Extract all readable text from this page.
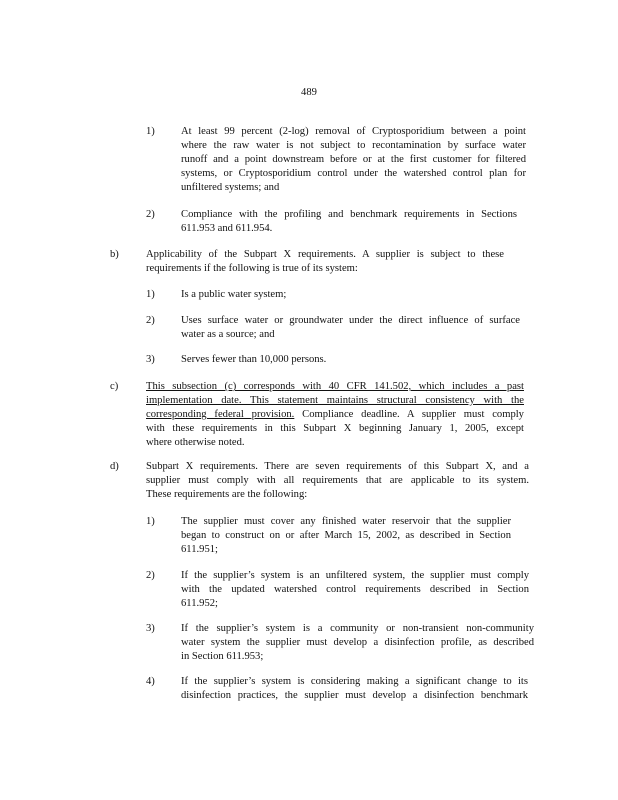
489
1) At least 99 percent (2-log) removal of Cryptosporidium between a point
where the raw water is not subject to recontamination by surface water
runoff and a point downstream before or at the first customer for filtered
systems, or Cryptosporidium control under the watershed control plan for
unfiltered systems; and
2) Compliance with the profiling and benchmark requirements in Sections
611.953 and 611.954.
b)	Applicability of the Subpart X requirements. A supplier is subject to these
requirements if the following is true of its system:
1) Is a public water system;
2) Uses surface water or groundwater under the direct influence of surface
water as a source; and
3) Serves fewer than 10,000 persons.
c)	This subsection (c) corresponds with 40 CFR 141.502, which includes a past
implementation date. This statement maintains structural consistency with the
corresponding federal provision. Compliance deadline. A supplier must comply
with these requirements in this Subpart X beginning January 1, 2005, except
where otherwise noted.
d)	Subpart X requirements. There are seven requirements of this Subpart X, and a
supplier must comply with all requirements that are applicable to its system.
These requirements are the following:
1) The supplier must cover any finished water reservoir that the supplier
began to construct on or after March 15, 2002, as described in Section
611.951;
2) If the supplier’s system is an unfiltered system, the supplier must comply
with the updated watershed control requirements described in Section
611.952;
3) If the supplier’s system is a community or non-transient non-community
water system the supplier must develop a disinfection profile, as described
in Section 611.953;
4) If the supplier’s system is considering making a significant change to its
disinfection practices, the supplier must develop a disinfection benchmark
